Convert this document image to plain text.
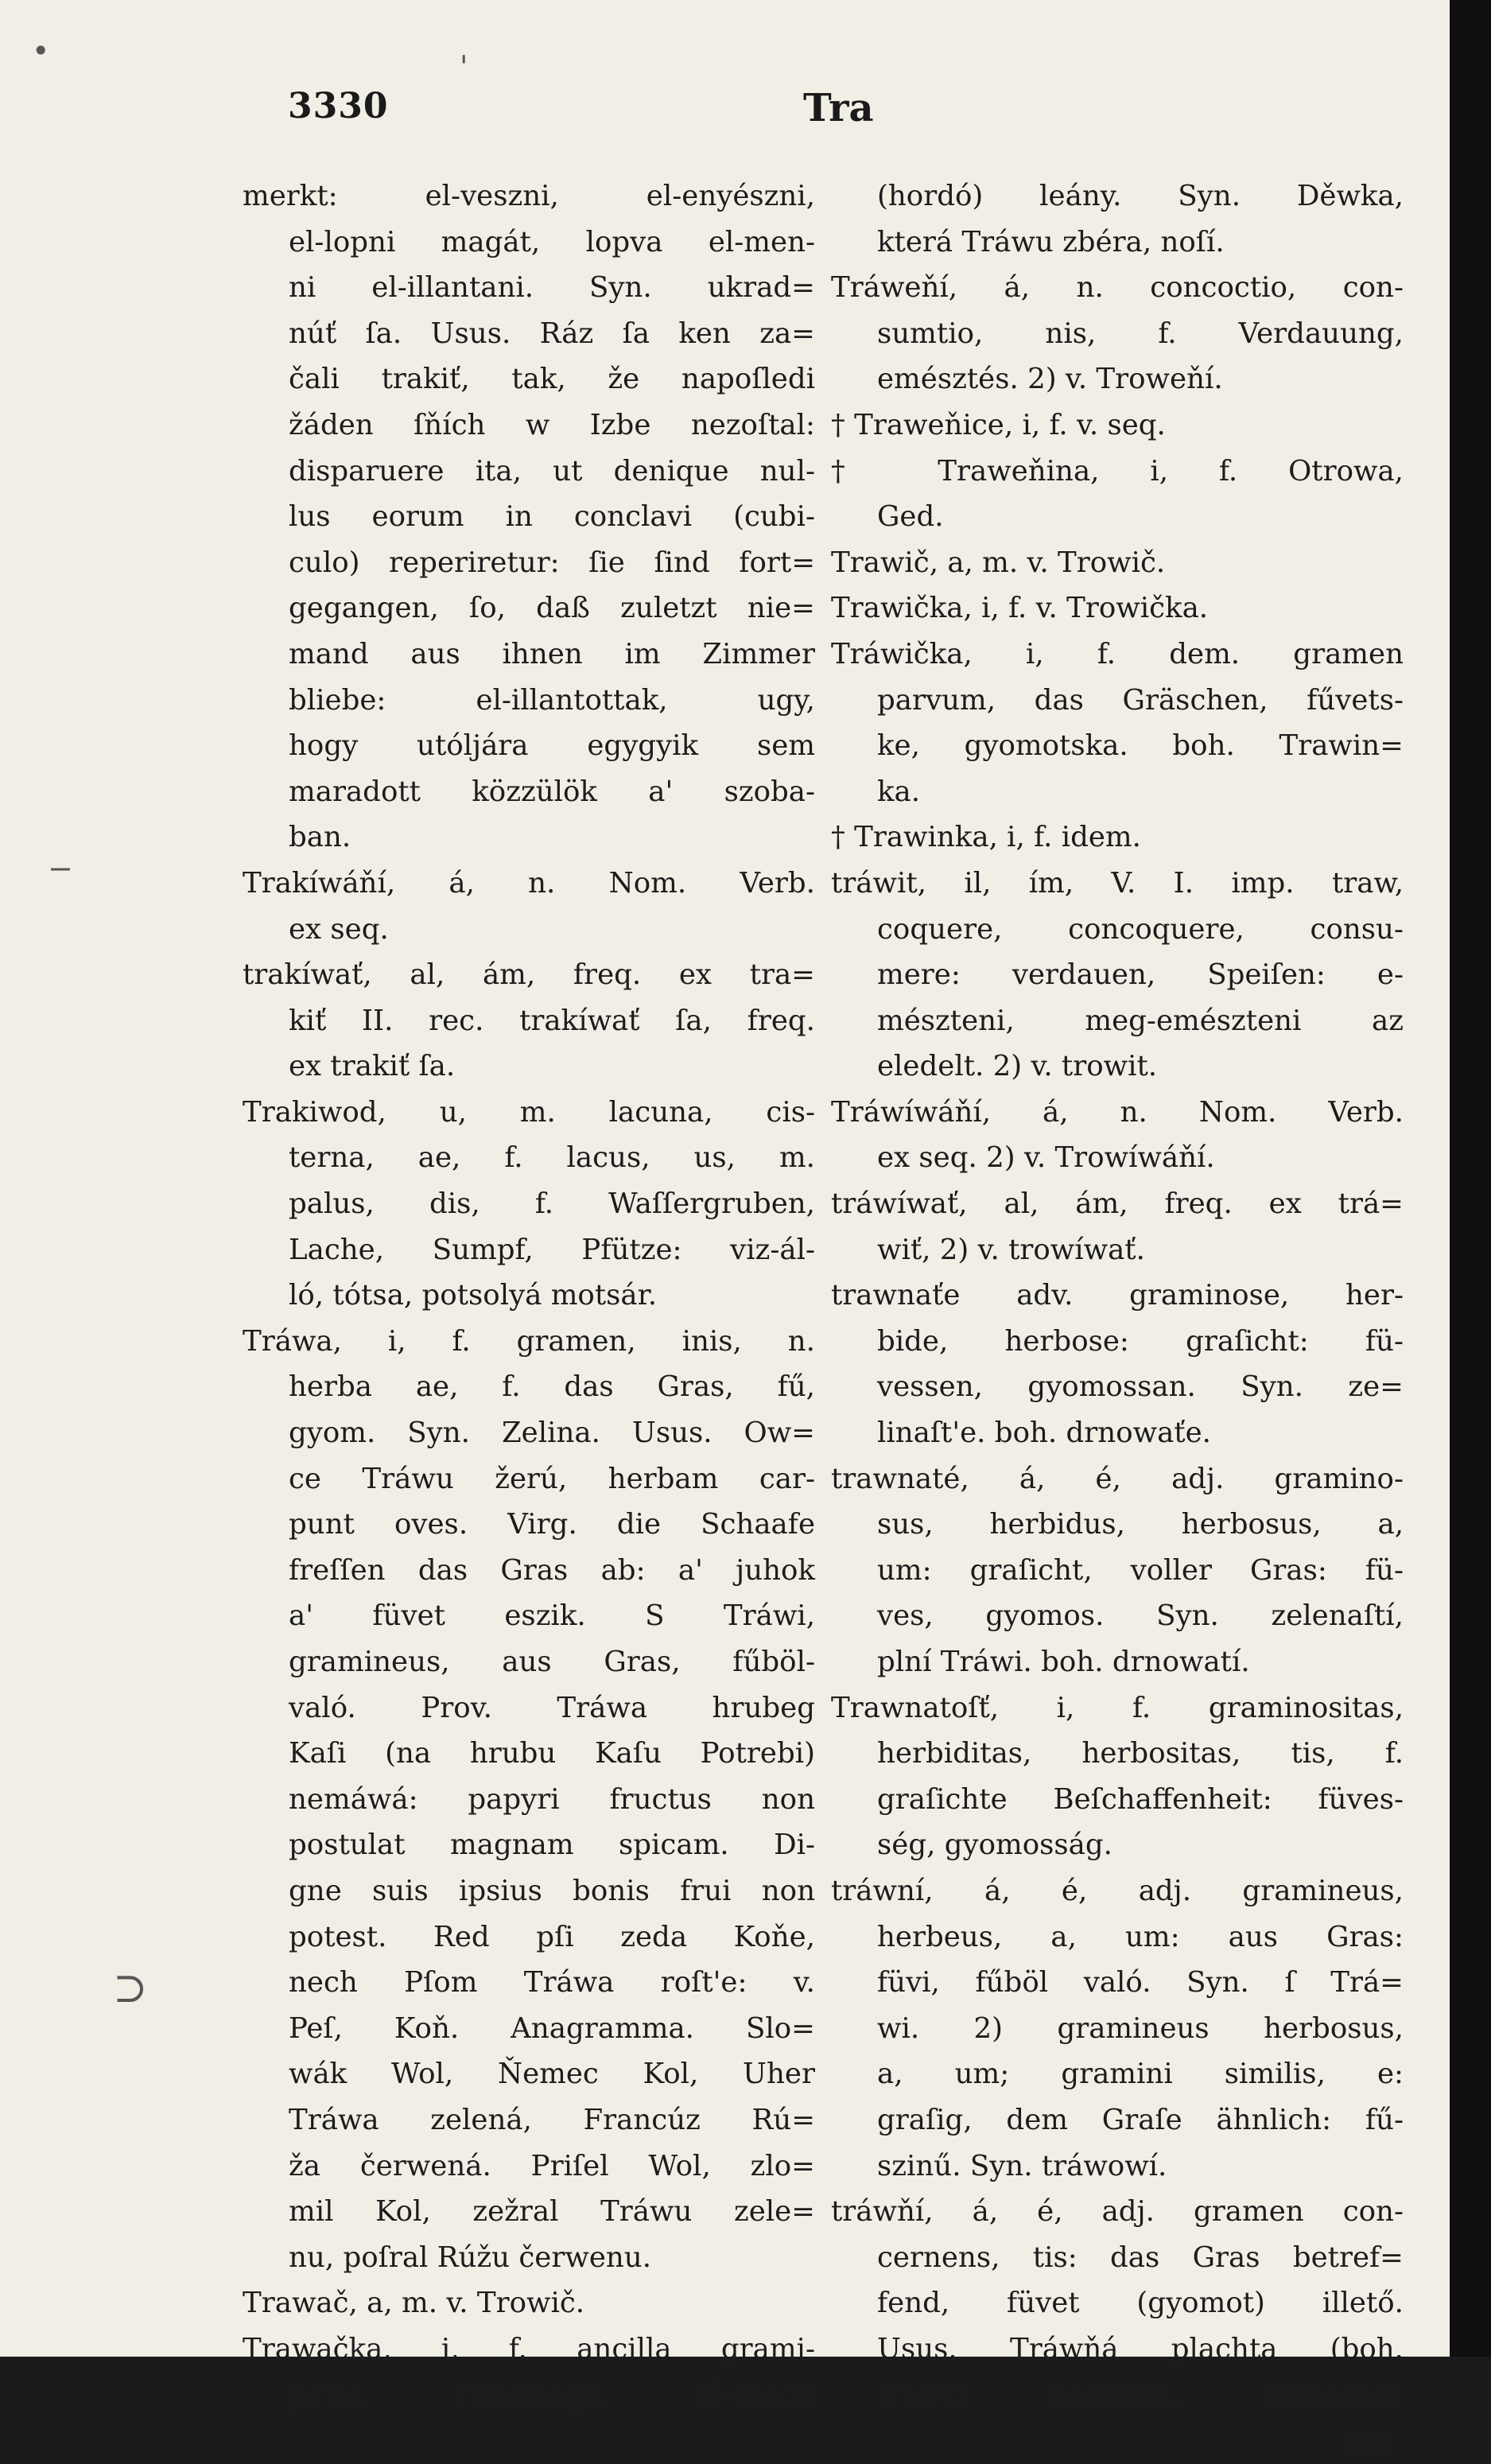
•	'
−
⊃
3330	Tra
merkt: el-veszni, el-enyészni,
el-lopni magát, lopva el-men-
ni el-illantani. Syn. ukrad=
núť ſa. Usus. Ráz ſa ken za=
čali trakiť, tak, že napoſledi
žáden ſňích w Izbe nezoſtal:
disparuere ita, ut denique nul-
lus eorum in conclavi (cubi-
culo) reperiretur: ſie ſind fort=
gegangen, ſo, daß zuletzt nie=
mand aus ihnen im Zimmer
bliebe: el-illantottak, ugy,
hogy utóljára egygyik sem
maradott közzülök a' szoba-
ban.
Trakíwáňí, á, n. Nom. Verb.
ex seq.
trakíwať, al, ám, freq. ex tra=
kiť II. rec. trakíwať ſa, freq.
ex trakiť ſa.
Trakiwod, u, m. lacuna, cis-
terna, ae, f. lacus, us, m.
palus, dis, f. Waſſergruben,
Lache, Sumpf, Pfütze: viz-ál-
ló, tótsa, potsolyá motsár.
Tráwa, i, f. gramen, inis, n.
herba ae, f. das Gras, fű,
gyom. Syn. Zelina. Usus. Ow=
ce Tráwu žerú, herbam car-
punt oves. Virg. die Schaafe
freſſen das Gras ab: a' juhok
a' füvet eszik. S Tráwi,
gramineus, aus Gras, fűböl-
való. Prov. Tráwa hrubeg
Kaſi (na hrubu Kaſu Potrebi)
nemáwá: papyri fructus non
postulat magnam spicam. Di-
gne suis ipsius bonis frui non
potest. Red pſi zeda Koňe,
nech Pſom Tráwa roſt'e: v.
Peſ, Koň. Anagramma. Slo=
wák Wol, Ňemec Kol, Uher
Tráwa zelená, Francúz Rú=
ža čerwená. Priſel Wol, zlo=
mil Kol, zežral Tráwu zele=
nu, poſral Rúžu čerwenu.
Trawač, a, m. v. Trowič.
Trawačka, i, f. ancilla grami-
paria, Grasmagd, fű-szedő
(hordó) leány. Syn. Děwka,
která Tráwu zbéra, noſí.
Tráweňí, á, n. concoctio, con-
sumtio, nis, f. Verdauung,
emésztés. 2) v. Troweňí.
† Traweňice, i, f. v. seq.
† Traweňina, i, f. Otrowa,
Ged.
Trawič, a, m. v. Trowič.
Trawička, i, f. v. Trowička.
Tráwička, i, f. dem. gramen
parvum, das Gräschen, fűvets-
ke, gyomotska. boh. Trawin=
ka.
† Trawinka, i, f. idem.
tráwit, il, ím, V. I. imp. traw,
coquere, concoquere, consu-
mere: verdauen, Speiſen: e-
mészteni, meg-emészteni az
eledelt. 2) v. trowit.
Tráwíwáňí, á, n. Nom. Verb.
ex seq. 2) v. Trowíwáňí.
tráwíwať, al, ám, freq. ex trá=
wiť, 2) v. trowíwať.
trawnaťe adv. graminose, her-
bide, herbose: graſicht: fü-
vessen, gyomossan. Syn. ze=
linaſt'e. boh. drnowaťe.
trawnaté, á, é, adj. gramino-
sus, herbidus, herbosus, a,
um: graſicht, voller Gras: fü-
ves, gyomos. Syn. zelenaſtí,
plní Tráwi. boh. drnowatí.
Trawnatoſť, i, f. graminositas,
herbiditas, herbositas, tis, f.
graſichte Beſchaffenheit: füves-
ség, gyomosság.
tráwní, á, é, adj. gramineus,
herbeus, a, um: aus Gras:
füvi, fűböl való. Syn. ſ Trá=
wi. 2) gramineus herbosus,
a, um; gramini similis, e:
graſig, dem Graſe ähnlich: fű-
szinű. Syn. tráwowí.
tráwňí, á, é, adj. gramen con-
cernens, tis: das Gras betref=
fend, füvet (gyomot) illető.
Usus. Tráwňá plachta (boh.
tráwňí Loktuſe), linteamen
gra-
